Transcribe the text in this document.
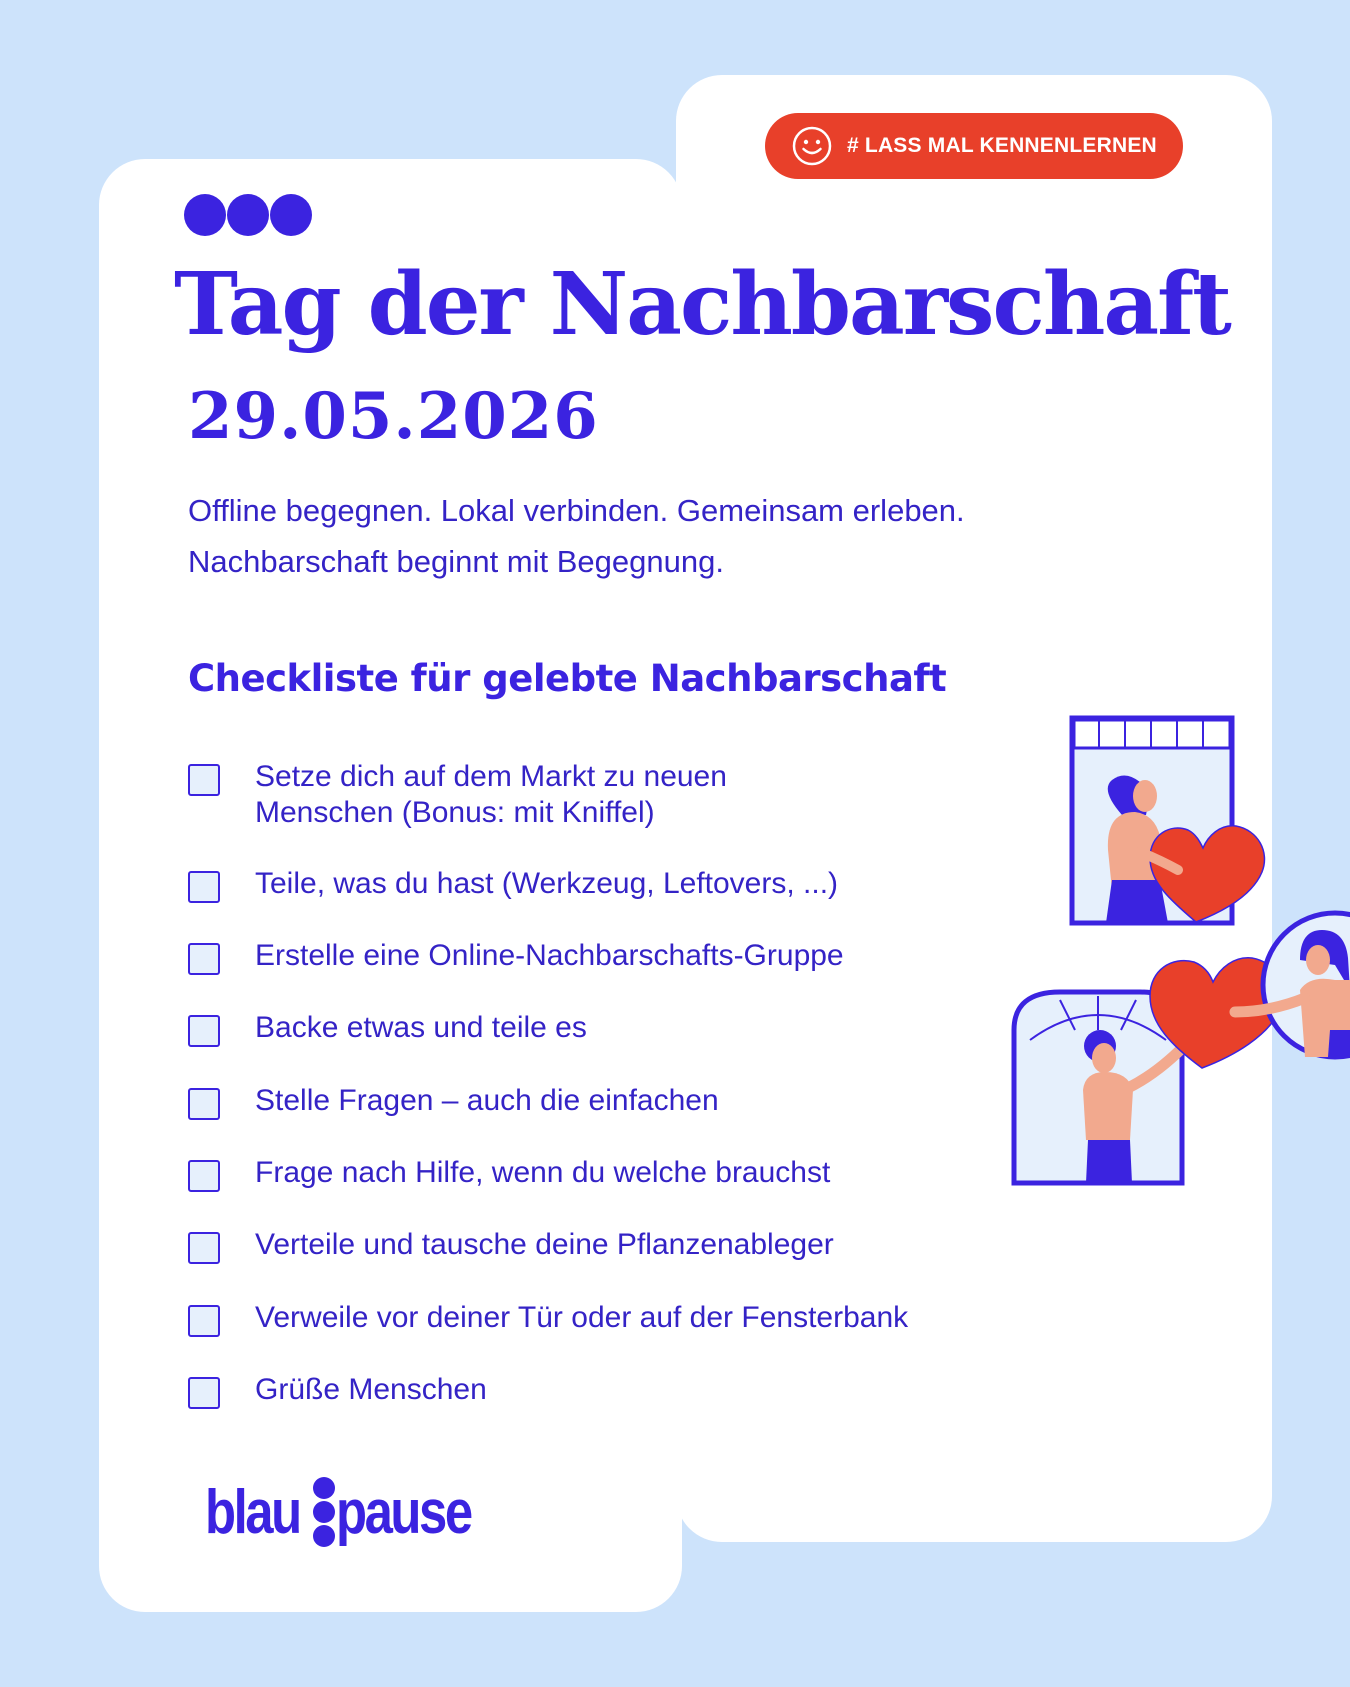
# LASS MAL KENNENLERNEN
Tag der Nachbarschaft
29.05.2026
Offline begegnen. Lokal verbinden. Gemeinsam erleben.
Nachbarschaft beginnt mit Begegnung.
Checkliste für gelebte Nachbarschaft
Setze dich auf dem Markt zu neuen
Menschen (Bonus: mit Kniffel)
Teile, was du hast (Werkzeug, Leftovers, ...)
Erstelle eine Online-Nachbarschafts-Gruppe
Backe etwas und teile es
Stelle Fragen – auch die einfachen
Frage nach Hilfe, wenn du welche brauchst
Verteile und tausche deine Pflanzenableger
Verweile vor deiner Tür oder auf der Fensterbank
Grüße Menschen
blau pause
